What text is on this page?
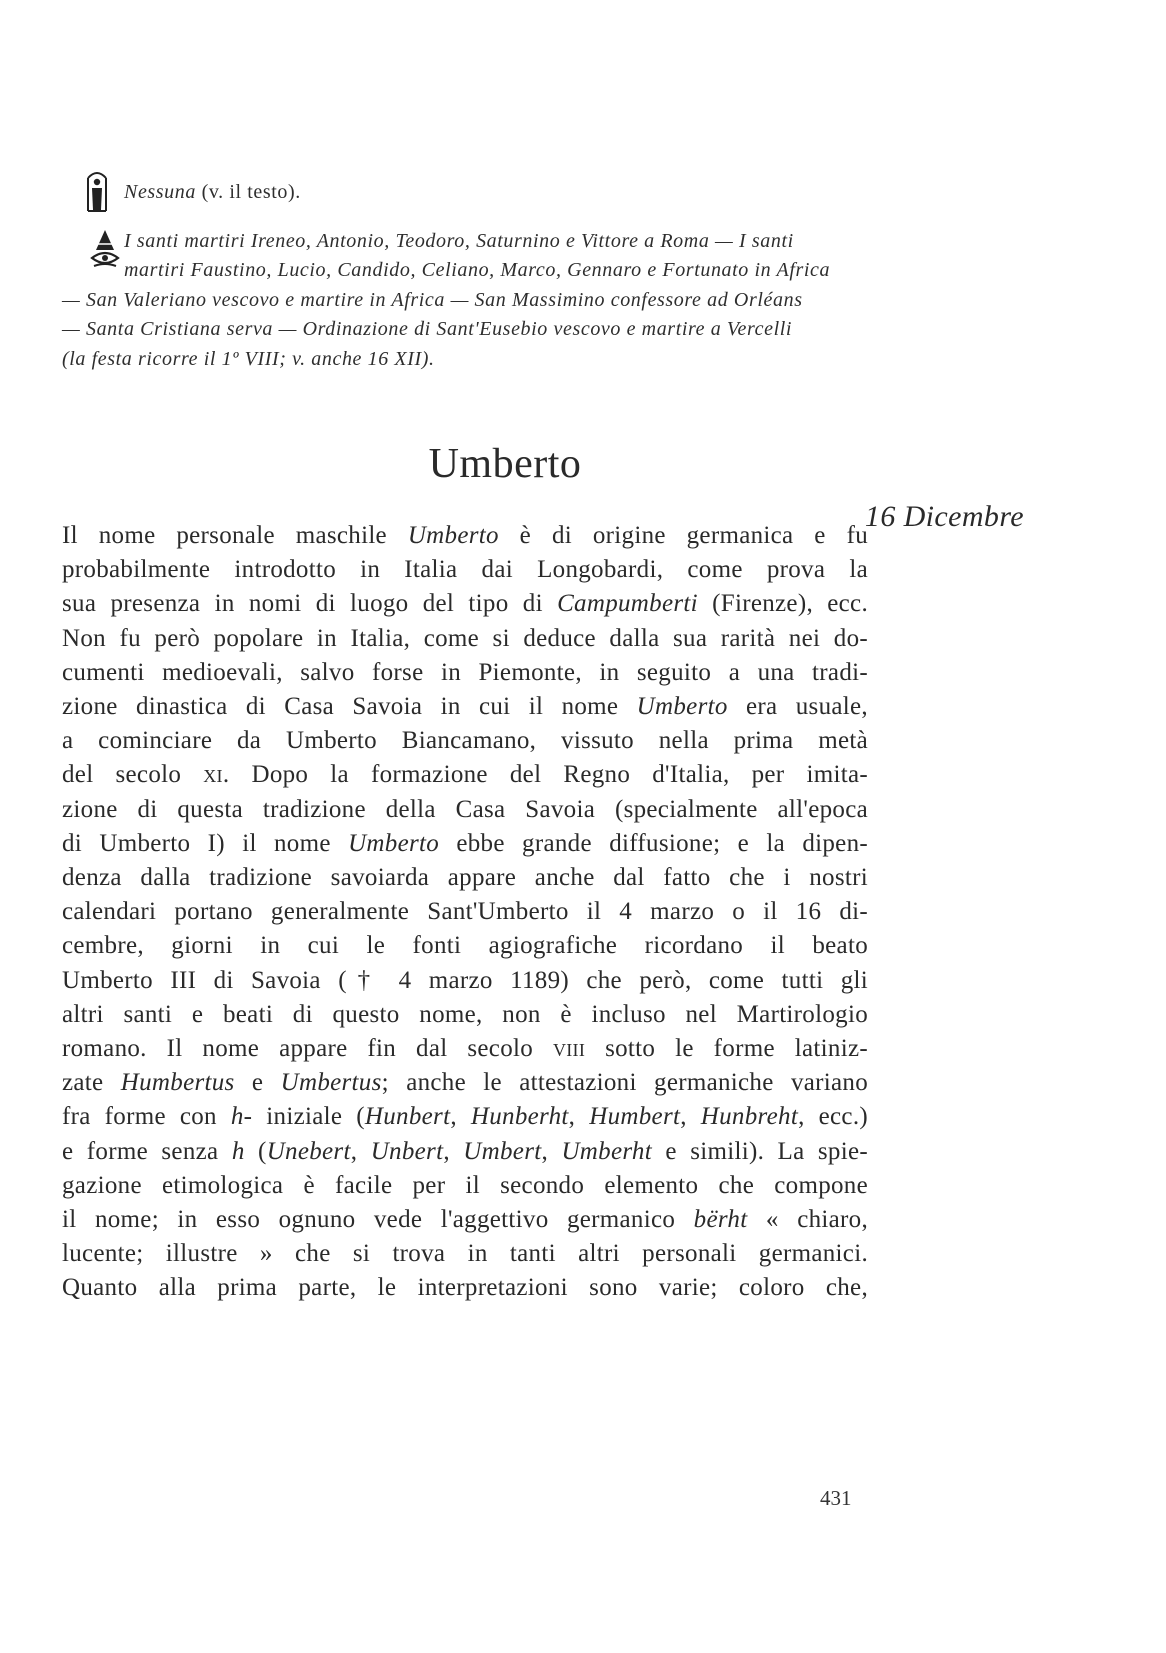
Nessuna (v. il testo).
I santi martiri Ireneo, Antonio, Teodoro, Saturnino e Vittore a Roma — I santi
martiri Faustino, Lucio, Candido, Celiano, Marco, Gennaro e Fortunato in Africa
— San Valeriano vescovo e martire in Africa — San Massimino confessore ad Orléans
— Santa Cristiana serva — Ordinazione di Sant'Eusebio vescovo e martire a Vercelli
(la festa ricorre il 1º VIII; v. anche 16 XII).
Umberto
16 Dicembre
Il nome personale maschile Umberto è di origine germanica e fu
probabilmente introdotto in Italia dai Longobardi, come prova la
sua presenza in nomi di luogo del tipo di Campumberti (Firenze), ecc.
Non fu però popolare in Italia, come si deduce dalla sua rarità nei do-
cumenti medioevali, salvo forse in Piemonte, in seguito a una tradi-
zione dinastica di Casa Savoia in cui il nome Umberto era usuale,
a cominciare da Umberto Biancamano, vissuto nella prima metà
del secolo xi. Dopo la formazione del Regno d'Italia, per imita-
zione di questa tradizione della Casa Savoia (specialmente all'epoca
di Umberto I) il nome Umberto ebbe grande diffusione; e la dipen-
denza dalla tradizione savoiarda appare anche dal fatto che i nostri
calendari portano generalmente Sant'Umberto il 4 marzo o il 16 di-
cembre, giorni in cui le fonti agiografiche ricordano il beato
Umberto III di Savoia († 4 marzo 1189) che però, come tutti gli
altri santi e beati di questo nome, non è incluso nel Martirologio
romano. Il nome appare fin dal secolo viii sotto le forme latiniz-
zate Humbertus e Umbertus; anche le attestazioni germaniche variano
fra forme con h- iniziale (Hunbert, Hunberht, Humbert, Hunbreht, ecc.)
e forme senza h (Unebert, Unbert, Umbert, Umberht e simili). La spie-
gazione etimologica è facile per il secondo elemento che compone
il nome; in esso ognuno vede l'aggettivo germanico bërht « chiaro,
lucente; illustre » che si trova in tanti altri personali germanici.
Quanto alla prima parte, le interpretazioni sono varie; coloro che,
431
